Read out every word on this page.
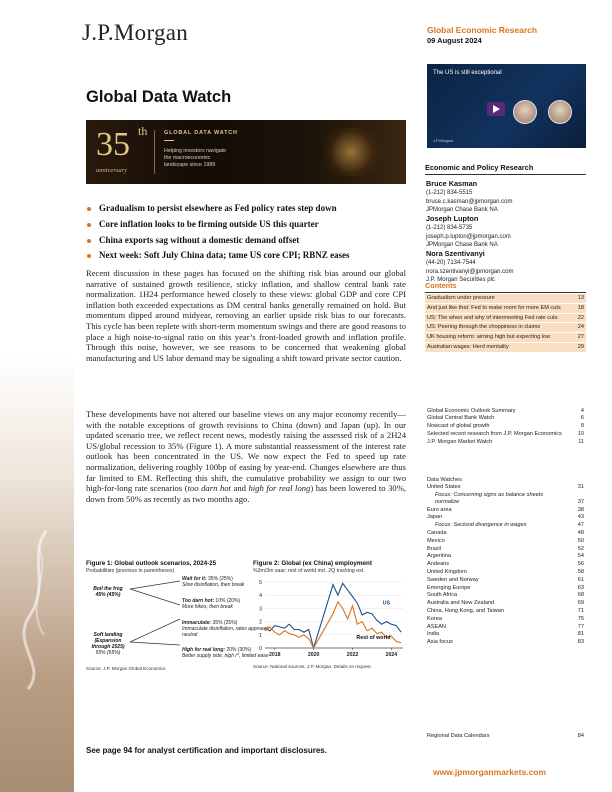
J.P.Morgan	Global Economic Research
09 August 2024
The US is still exceptional
J.P.Morgan
Global Data Watch
35 th
anniversary
GLOBAL DATA WATCH
Helping investors navigate
the macroeconomic
landscape since 1989
Gradualism to persist elsewhere as Fed policy rates step down
Core inflation looks to be firming outside US this quarter
China exports sag without a domestic demand offset
Next week: Soft July China data; tame US core CPI; RBNZ eases
Recent discussion in these pages has focused on the shifting risk bias around our global narrative of sustained growth resilience, sticky inflation, and shallow central bank rate normalization. 1H24 performance hewed closely to these views: global GDP and core CPI inflation both exceeded expectations as DM central banks generally remained on hold. But momentum dipped around midyear, removing an earlier upside risk bias to our forecasts. This cycle has been replete with short-term momentum swings and there are good reasons to place a high noise-to-signal ratio on this year’s front-loaded growth and inflation profile. Through this noise, however, we see reasons to be concerned that weakening global manufacturing and US labor demand may be signaling a shift toward private sector caution.
These developments have not altered our baseline views on any major economy recently—with the notable exceptions of growth revisions to China (down) and Japan (up). In our updated scenario tree, we reflect recent news, modestly raising the assessed risk of a 2H24 US/global recession to 35% (Figure 1). A more substantial reassessment of the interest rate outlook has been concentrated in the US. We now expect the Fed to speed up rate normalization, delivering roughly 100bp of easing by year-end. Changes elsewhere are thus far limited to EM. Reflecting this shift, the cumulative probability we assign to our two high-for-long rate scenarios (too darn hot and high for real long) has been lowered to 30%, down from 50% as recently as two months ago.
Figure 1: Global outlook scenarios, 2024-25
Probabilities (previous in parentheses)
Boil the frog
45% (45%)
Soft landing
(Expansion
through 2025)
55% (55%)
Wait for it: 35% (25%)
Slow disinflation, then break
Too darn hot: 10% (20%)
More hikes, then break
Immaculate: 35% (25%)
Immaculate disinflation, rates approach neutral
High for real long: 20% (30%)
Better supply side, high r*, limited ease
Source: J.P. Morgan Global Economics
Figure 2: Global (ex China) employment
%3m/3m saar; rest of world incl. 2Q tracking est.
0
1
2
3
4
5
2018	2020	2022	2024
US
Rest of world
Source: National sources, J.P. Morgan. Details on request.
Economic and Policy Research
Bruce Kasman
(1-212) 834-5515
bruce.c.kasman@jpmorgan.com
JPMorgan Chase Bank NA
Joseph Lupton
(1-212) 834-5735
joseph.p.lupton@jpmorgan.com
JPMorgan Chase Bank NA
Nora Szentivanyi
(44-20) 7134-7544
nora.szentivanyi@jpmorgan.com
J.P. Morgan Securities plc
Contents
Gradualism under pressure	13
And just like that: Fed to make room for more EM cuts	18
US: The when and why of intermeeting Fed rate cuts	22
US: Peering through the choppiness in claims	24
UK housing reform: aiming high but expecting low	27
Australian wages: Herd mentality	29
Global Economic Outlook Summary	4
Global Central Bank Watch	6
Nowcast of global growth	8
Selected recent research from J.P. Morgan Economics	10
J.P. Morgan Market Watch	11
Data Watches
United States	31
Focus: Concerning signs as balance sheets normalize	37
Euro area	38
Japan	43
Focus: Sectoral divergence in wages	47
Canada	48
Mexico	50
Brazil	52
Argentina	54
Andeans	56
United Kingdom	58
Sweden and Norway	61
Emerging Europe	63
South Africa	68
Australia and New Zealand	69
China, Hong Kong, and Taiwan	71
Korea	75
ASEAN	77
India	81
Asia focus	83
Regional Data Calendars	84
See page 94 for analyst certification and important disclosures.
www.jpmorganmarkets.com
